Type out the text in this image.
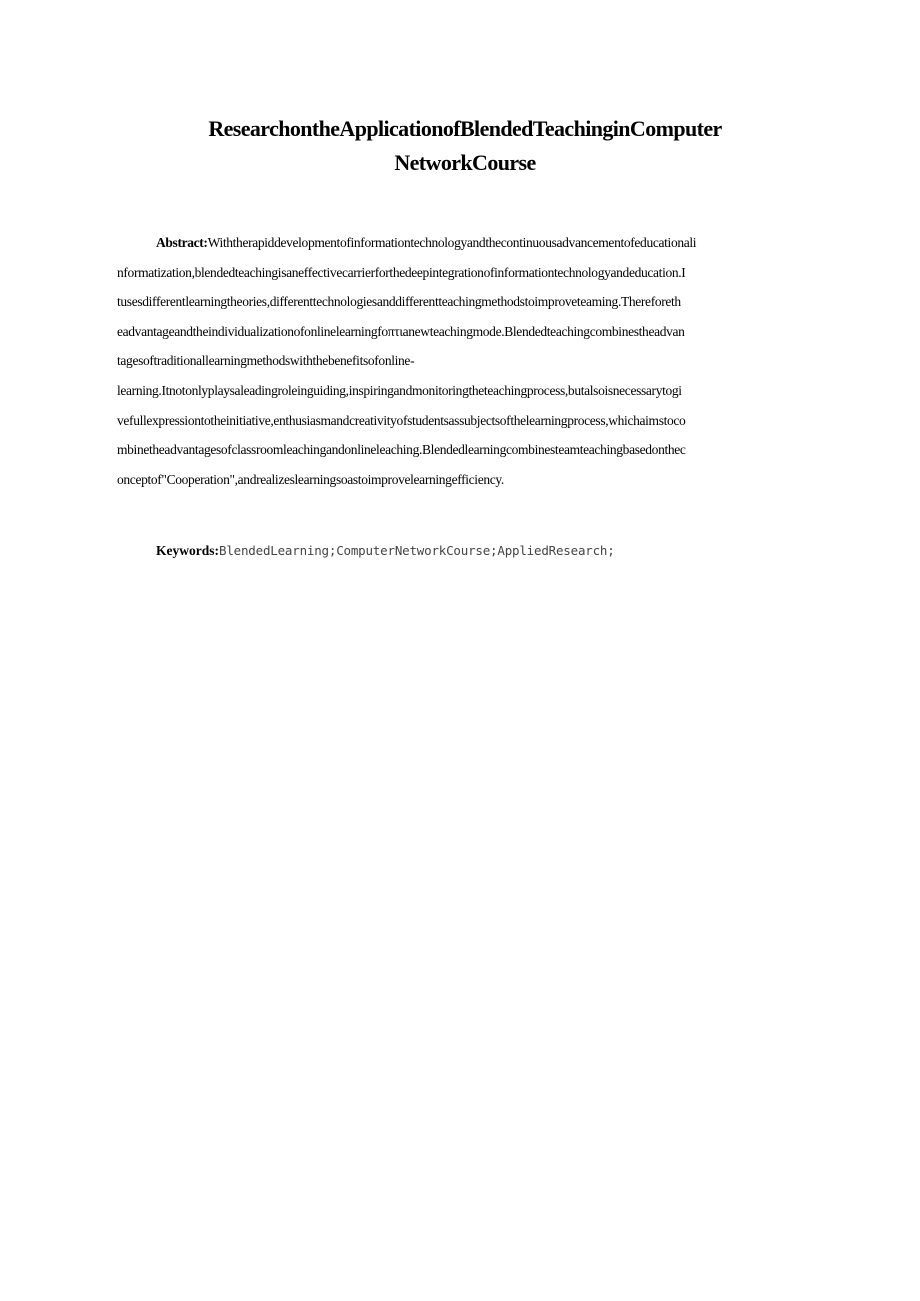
ResearchontheApplicationofBlendedTeachinginComputer
NetworkCourse
Abstract:Withtherapiddevelopmentofinformationtechnologyandthecontinuousadvancementofeducationali
nformatization,blendedteachingisaneffectivecarrierforthedeepintegrationofinformationtechnologyandeducation.I
tusesdifferentlearningtheories,differenttechnologiesanddifferentteachingmethodstoimproveteaming.Thereforeth
eadvantageandtheindividualizationofonlinelearningfoπτιanewteachingmode.Blendedteachingcombinestheadvan
tagesoftraditionallearningmethodswiththebenefitsofonline-
learning.Itnotonlyplaysaleadingroleinguiding,inspiringandmonitoringtheteachingprocess,butalsoisnecessarytogi
vefullexpressiontotheinitiative,enthusiasmandcreativityofstudentsassubjectsofthelearningprocess,whichaimstoco
mbinetheadvantagesofclassroomleachingandonlineleaching.Blendedlearningcombinesteamteachingbasedonthec
onceptof"Cooperation",andrealizeslearningsoastoimprovelearningefficiency.
Keywords:BlendedLearning;ComputerNetworkCourse;AppliedResearch;
